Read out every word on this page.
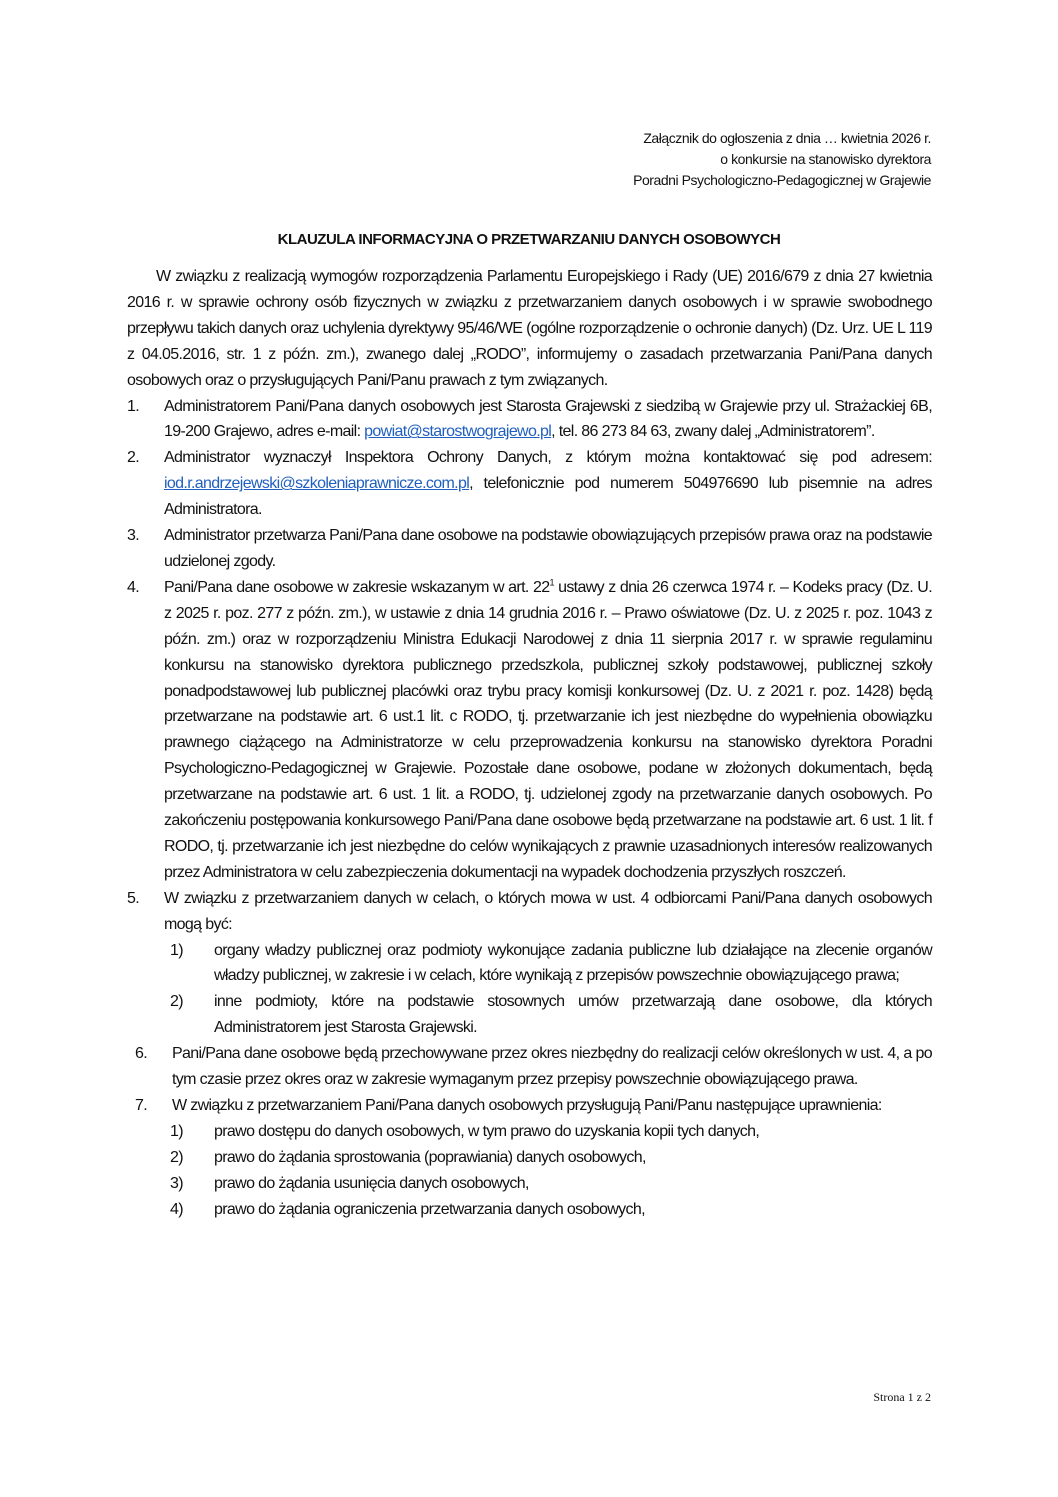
Załącznik do ogłoszenia z dnia … kwietnia 2026 r.
o konkursie na stanowisko dyrektora
Poradni Psychologiczno-Pedagogicznej w Grajewie
KLAUZULA INFORMACYJNA O PRZETWARZANIU DANYCH OSOBOWYCH

W związku z realizacją wymogów rozporządzenia Parlamentu Europejskiego i Rady (UE) 2016/679 z dnia 27 kwietnia 2016 r. w sprawie ochrony osób fizycznych w związku z przetwarzaniem danych osobowych i w sprawie swobodnego przepływu takich danych oraz uchylenia dyrektywy 95/46/WE (ogólne rozporządzenie o ochronie danych) (Dz. Urz. UE L 119 z 04.05.2016, str. 1 z późn. zm.), zwanego dalej „RODO”, informujemy o zasadach przetwarzania Pani/Pana danych osobowych oraz o przysługujących Pani/Panu prawach z tym związanych.

1. Administratorem Pani/Pana danych osobowych jest Starosta Grajewski z siedzibą w Grajewie przy ul. Strażackiej 6B, 19-200 Grajewo, adres e-mail: powiat@starostwograjewo.pl, tel. 86 273 84 63, zwany dalej „Administratorem”.
2. Administrator wyznaczył Inspektora Ochrony Danych, z którym można kontaktować się pod adresem: iod.r.andrzejewski@szkoleniaprawnicze.com.pl, telefonicznie pod numerem 504976690 lub pisemnie na adres Administratora.
3. Administrator przetwarza Pani/Pana dane osobowe na podstawie obowiązujących przepisów prawa oraz na podstawie udzielonej zgody.
4. Pani/Pana dane osobowe w zakresie wskazanym w art. $22^1$ ustawy z dnia 26 czerwca 1974 r. – Kodeks pracy (Dz. U. z 2025 r. poz. 277 z późn. zm.), w ustawie z dnia 14 grudnia 2016 r. – Prawo oświatowe (Dz. U. z 2025 r. poz. 1043 z późn. zm.) oraz w rozporządzeniu Ministra Edukacji Narodowej z dnia 11 sierpnia 2017 r. w sprawie regulaminu konkursu na stanowisko dyrektora publicznego przedszkola, publicznej szkoły podstawowej, publicznej szkoły ponadpodstawowej lub publicznej placówki oraz trybu pracy komisji konkursowej (Dz. U. z 2021 r. poz. 1428) będą przetwarzane na podstawie art. 6 ust.1 lit. c RODO, tj. przetwarzanie ich jest niezbędne do wypełnienia obowiązku prawnego ciążącego na Administratorze w celu przeprowadzenia konkursu na stanowisko dyrektora Poradni Psychologiczno-Pedagogicznej w Grajewie. Pozostałe dane osobowe, podane w złożonych dokumentach, będą przetwarzane na podstawie art. 6 ust. 1 lit. a RODO, tj. udzielonej zgody na przetwarzanie danych osobowych. Po zakończeniu postępowania konkursowego Pani/Pana dane osobowe będą przetwarzane na podstawie art. 6 ust. 1 lit. f RODO, tj. przetwarzanie ich jest niezbędne do celów wynikających z prawnie uzasadnionych interesów realizowanych przez Administratora w celu zabezpieczenia dokumentacji na wypadek dochodzenia przyszłych roszczeń.
5. W związku z przetwarzaniem danych w celach, o których mowa w ust. 4 odbiorcami Pani/Pana danych osobowych mogą być:
1) organy władzy publicznej oraz podmioty wykonujące zadania publiczne lub działające na zlecenie organów władzy publicznej, w zakresie i w celach, które wynikają z przepisów powszechnie obowiązującego prawa;
2) inne podmioty, które na podstawie stosownych umów przetwarzają dane osobowe, dla których Administratorem jest Starosta Grajewski.
6. Pani/Pana dane osobowe będą przechowywane przez okres niezbędny do realizacji celów określonych w ust. 4, a po tym czasie przez okres oraz w zakresie wymaganym przez przepisy powszechnie obowiązującego prawa.
7. W związku z przetwarzaniem Pani/Pana danych osobowych przysługują Pani/Panu następujące uprawnienia:
1) prawo dostępu do danych osobowych, w tym prawo do uzyskania kopii tych danych,
2) prawo do żądania sprostowania (poprawiania) danych osobowych,
3) prawo do żądania usunięcia danych osobowych,
4) prawo do żądania ograniczenia przetwarzania danych osobowych,
Strona 1 z 2
